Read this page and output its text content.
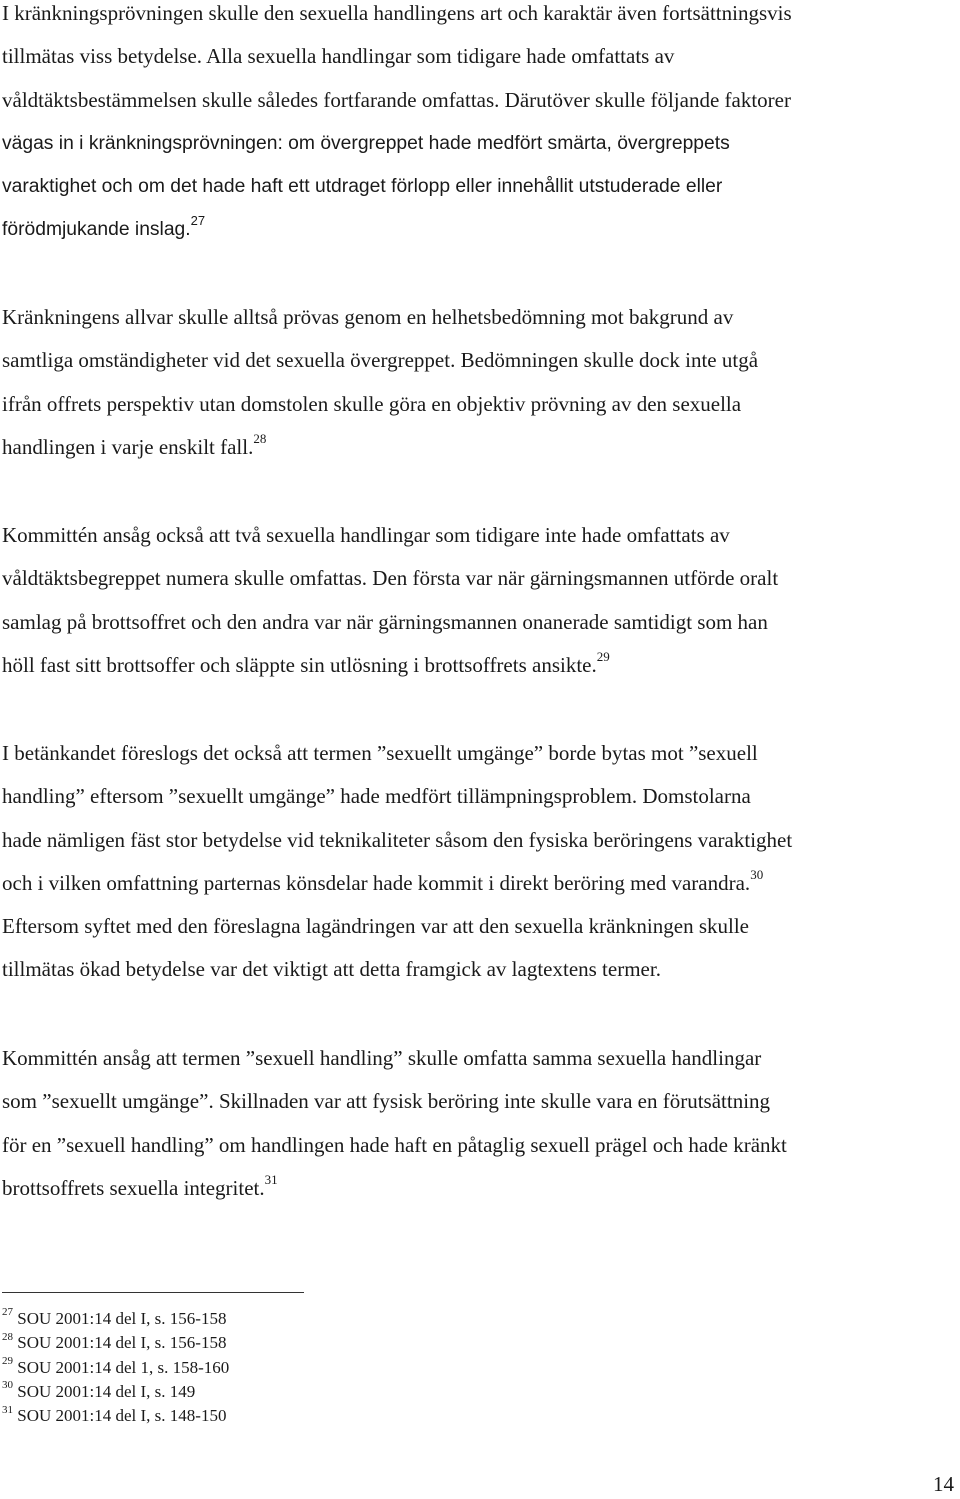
I kränkningsprövningen skulle den sexuella handlingens art och karaktär även fortsättningsvis
tillmätas viss betydelse. Alla sexuella handlingar som tidigare hade omfattats av
våldtäktsbestämmelsen skulle således fortfarande omfattas. Därutöver skulle följande faktorer
vägas in i kränkningsprövningen: om övergreppet hade medfört smärta, övergreppets
varaktighet och om det hade haft ett utdraget förlopp eller innehållit utstuderade eller
förödmjukande inslag.$^{27}$

Kränkningens allvar skulle alltså prövas genom en helhetsbedömning mot bakgrund av
samtliga omständigheter vid det sexuella övergreppet. Bedömningen skulle dock inte utgå
ifrån offrets perspektiv utan domstolen skulle göra en objektiv prövning av den sexuella
handlingen i varje enskilt fall.$^{28}$

Kommittén ansåg också att två sexuella handlingar som tidigare inte hade omfattats av
våldtäktsbegreppet numera skulle omfattas. Den första var när gärningsmannen utförde oralt
samlag på brottsoffret och den andra var när gärningsmannen onanerade samtidigt som han
höll fast sitt brottsoffer och släppte sin utlösning i brottsoffrets ansikte.$^{29}$

I betänkandet föreslogs det också att termen ”sexuellt umgänge” borde bytas mot ”sexuell
handling” eftersom ”sexuellt umgänge” hade medfört tillämpningsproblem. Domstolarna
hade nämligen fäst stor betydelse vid teknikaliteter såsom den fysiska beröringens varaktighet
och i vilken omfattning parternas könsdelar hade kommit i direkt beröring med varandra.$^{30}$
Eftersom syftet med den föreslagna lagändringen var att den sexuella kränkningen skulle
tillmätas ökad betydelse var det viktigt att detta framgick av lagtextens termer.

Kommittén ansåg att termen ”sexuell handling” skulle omfatta samma sexuella handlingar
som ”sexuellt umgänge”. Skillnaden var att fysisk beröring inte skulle vara en förutsättning
för en ”sexuell handling” om handlingen hade haft en påtaglig sexuell prägel och hade kränkt
brottsoffrets sexuella integritet.$^{31}$

$^{27}$ SOU 2001:14 del I, s. 156-158
$^{28}$ SOU 2001:14 del I, s. 156-158
$^{29}$ SOU 2001:14 del 1, s. 158-160
$^{30}$ SOU 2001:14 del I, s. 149
$^{31}$ SOU 2001:14 del I, s. 148-150
14
